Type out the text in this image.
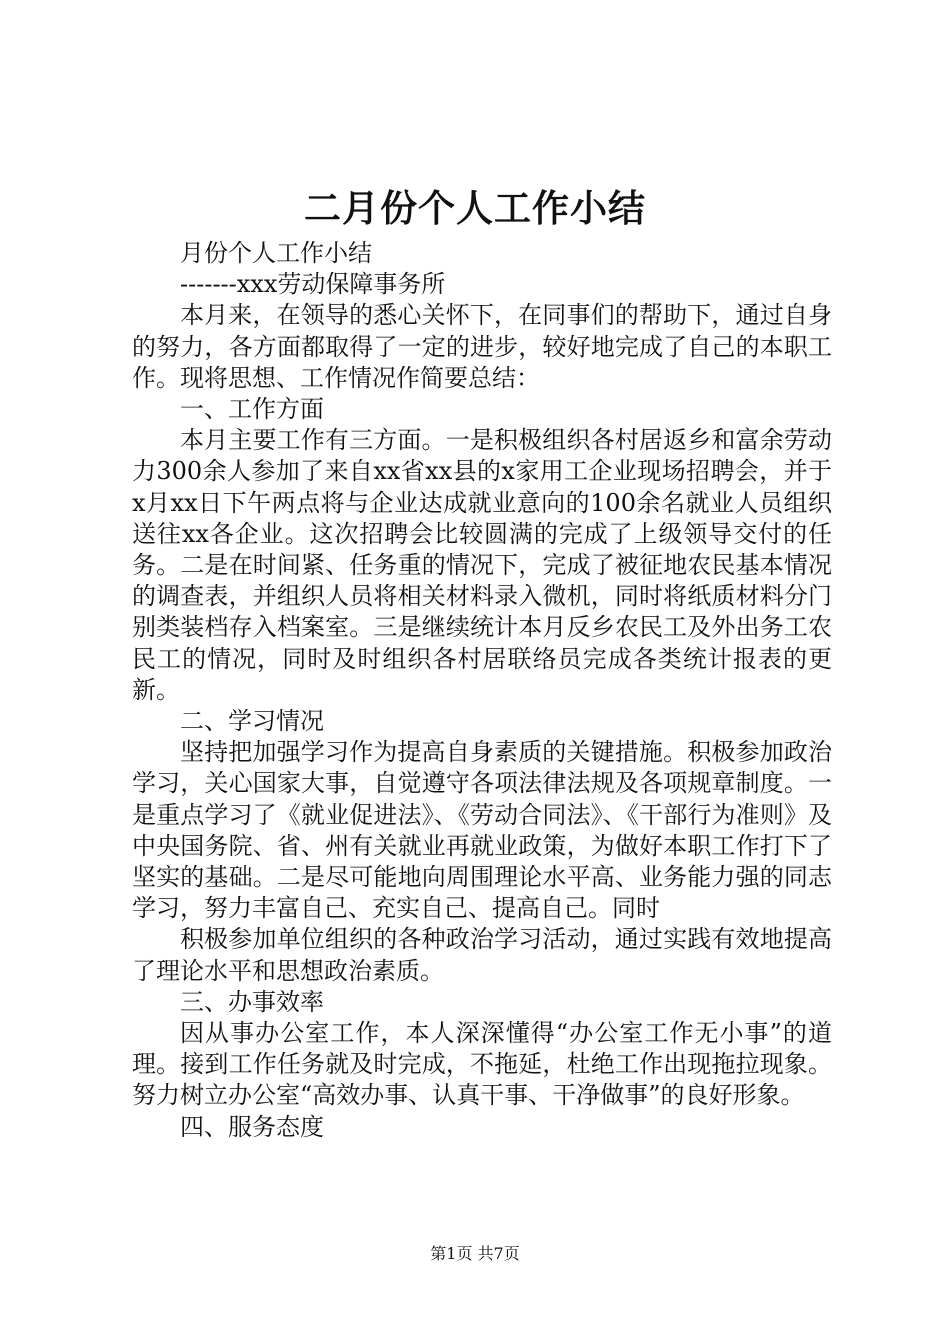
二月份个人工作小结

月份个人工作小结

-------xxx劳动保障事务所

本月来，在领导的悉心关怀下，在同事们的帮助下，通过自身的努力，各方面都取得了一定的进步，较好地完成了自己的本职工作。现将思想、工作情况作简要总结：

一、工作方面

本月主要工作有三方面。一是积极组织各村居返乡和富余劳动力300余人参加了来自xx省xx县的x家用工企业现场招聘会，并于x月xx日下午两点将与企业达成就业意向的100余名就业人员组织送往xx各企业。这次招聘会比较圆满的完成了上级领导交付的任务。二是在时间紧、任务重的情况下，完成了被征地农民基本情况的调查表，并组织人员将相关材料录入微机，同时将纸质材料分门别类装档存入档案室。三是继续统计本月反乡农民工及外出务工农民工的情况，同时及时组织各村居联络员完成各类统计报表的更新。

二、学习情况

坚持把加强学习作为提高自身素质的关键措施。积极参加政治学习，关心国家大事，自觉遵守各项法律法规及各项规章制度。一是重点学习了《就业促进法》、《劳动合同法》、《干部行为准则》及中央国务院、省、州有关就业再就业政策，为做好本职工作打下了坚实的基础。二是尽可能地向周围理论水平高、业务能力强的同志学习，努力丰富自己、充实自己、提高自己。同时

积极参加单位组织的各种政治学习活动，通过实践有效地提高了理论水平和思想政治素质。

三、办事效率

因从事办公室工作，本人深深懂得“办公室工作无小事”的道理。接到工作任务就及时完成，不拖延，杜绝工作出现拖拉现象。努力树立办公室“高效办事、认真干事、干净做事”的良好形象。

四、服务态度

第1页 共7页
